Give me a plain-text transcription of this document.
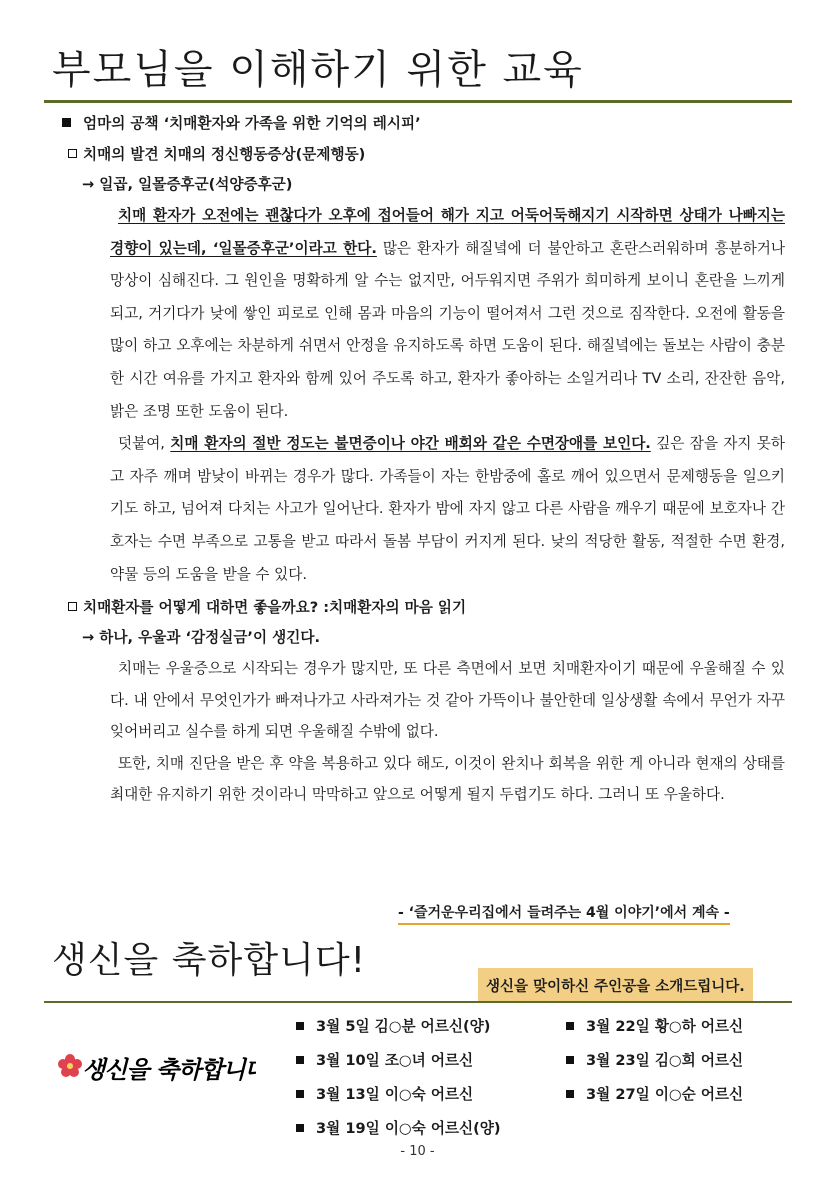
부모님을 이해하기 위한 교육
엄마의 공책 ‘치매환자와 가족을 위한 기억의 레시피’
치매의 발견 치매의 정신행동증상(문제행동)
→ 일곱, 일몰증후군(석양증후군)
치매 환자가 오전에는 괜찮다가 오후에 접어들어 해가 지고 어둑어둑해지기 시작하면 상태가 나빠지는 경향이 있는데, ‘일몰증후군’이라고 한다. 많은 환자가 해질녘에 더 불안하고 혼란스러워하며 흥분하거나 망상이 심해진다. 그 원인을 명확하게 알 수는 없지만, 어두워지면 주위가 희미하게 보이니 혼란을 느끼게 되고, 거기다가 낮에 쌓인 피로로 인해 몸과 마음의 기능이 떨어져서 그런 것으로 짐작한다. 오전에 활동을 많이 하고 오후에는 차분하게 쉬면서 안정을 유지하도록 하면 도움이 된다. 해질녘에는 돌보는 사람이 충분한 시간 여유를 가지고 환자와 함께 있어 주도록 하고, 환자가 좋아하는 소일거리나 TV 소리, 잔잔한 음악, 밝은 조명 또한 도움이 된다.
덧붙여, 치매 환자의 절반 정도는 불면증이나 야간 배회와 같은 수면장애를 보인다. 깊은 잠을 자지 못하고 자주 깨며 밤낮이 바뀌는 경우가 많다. 가족들이 자는 한밤중에 홀로 깨어 있으면서 문제행동을 일으키기도 하고, 넘어져 다치는 사고가 일어난다. 환자가 밤에 자지 않고 다른 사람을 깨우기 때문에 보호자나 간호자는 수면 부족으로 고통을 받고 따라서 돌봄 부담이 커지게 된다. 낮의 적당한 활동, 적절한 수면 환경, 약물 등의 도움을 받을 수 있다.
치매환자를 어떻게 대하면 좋을까요? :치매환자의 마음 읽기
→ 하나, 우울과 ‘감정실금’이 생긴다.
치매는 우울증으로 시작되는 경우가 많지만, 또 다른 측면에서 보면 치매환자이기 때문에 우울해질 수 있다. 내 안에서 무엇인가가 빠져나가고 사라져가는 것 같아 가뜩이나 불안한데 일상생활 속에서 무언가 자꾸 잊어버리고 실수를 하게 되면 우울해질 수밖에 없다.
또한, 치매 진단을 받은 후 약을 복용하고 있다 해도, 이것이 완치나 회복을 위한 게 아니라 현재의 상태를 최대한 유지하기 위한 것이라니 막막하고 앞으로 어떻게 될지 두렵기도 하다. 그러니 또 우울하다.
- ‘즐거운우리집에서 들려주는 4월 이야기’에서 계속 -
생신을 축하합니다!
생신을 맞이하신 주인공을 소개드립니다.
생신을 축하합니다
3월 5일 김○분 어르신(양)
3월 10일 조○녀 어르신
3월 13일 이○숙 어르신
3월 19일 이○숙 어르신(양)
3월 22일 황○하 어르신
3월 23일 김○희 어르신
3월 27일 이○순 어르신
- 10 -
